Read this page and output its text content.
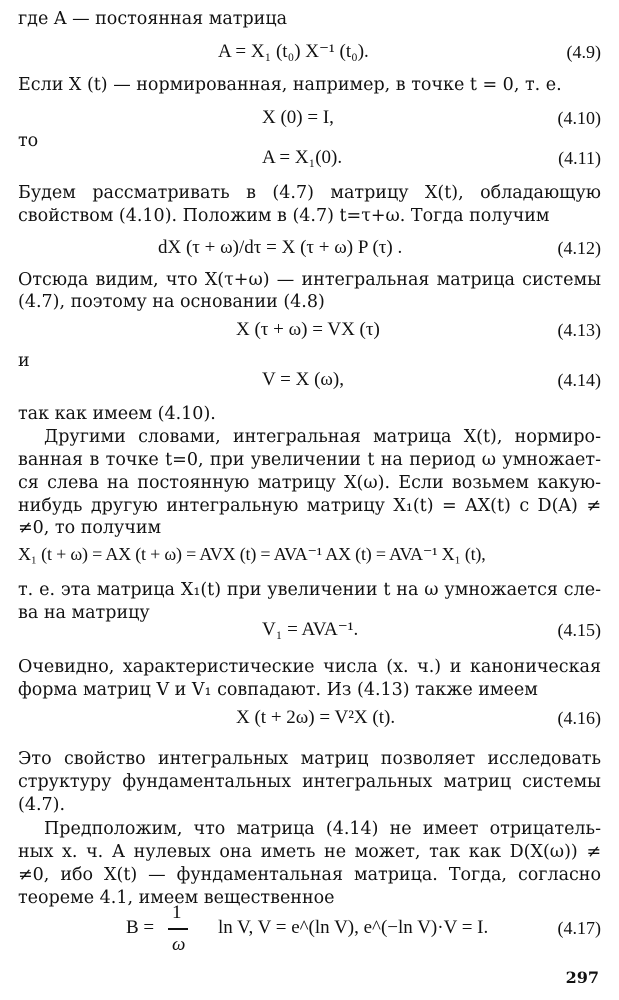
где A — постоянная матрица
A = X₁ (t₀) X⁻¹ (t₀).	(4.9)
Если X (t) — нормированная, например, в точке t = 0, т. е.
X (0) = I,	(4.10)
то
A = X₁(0).	(4.11)
Будем рассматривать в (4.7) матрицу X(t), обладающую
свойством (4.10). Положим в (4.7) t=τ+ω. Тогда получим
dX (τ + ω)/dτ = X (τ + ω) P (τ) .	(4.12)
Отсюда видим, что X(τ+ω) — интегральная матрица системы
(4.7), поэтому на основании (4.8)
X (τ + ω) = VX (τ)	(4.13)
и
V = X (ω),	(4.14)
так как имеем (4.10).
Другими словами, интегральная матрица X(t), нормиро-
ванная в точке t=0, при увеличении t на период ω умножает-
ся слева на постоянную матрицу X(ω). Если возьмем какую-
нибудь другую интегральную матрицу X₁(t) = AX(t) с D(A) ≠
≠0, то получим
X₁ (t + ω) = AX (t + ω) = AVX (t) = AVA⁻¹ AX (t) = AVA⁻¹ X₁ (t),
т. е. эта матрица X₁(t) при увеличении t на ω умножается сле-
ва на матрицу
V₁ = AVA⁻¹.	(4.15)
Очевидно, характеристические числа (х. ч.) и каноническая
форма матриц V и V₁ совпадают. Из (4.13) также имеем
X (t + 2ω) = V²X (t).	(4.16)
Это свойство интегральных матриц позволяет исследовать
структуру фундаментальных интегральных матриц системы
(4.7).
Предположим, что матрица (4.14) не имеет отрицатель-
ных х. ч. А нулевых она иметь не может, так как D(X(ω)) ≠
≠0, ибо X(t) — фундаментальная матрица. Тогда, согласно
теореме 4.1, имеем вещественное
B =	ln V, V = e^(ln V), e^(−ln V)·V = I.	(4.17)
1
ω
297
